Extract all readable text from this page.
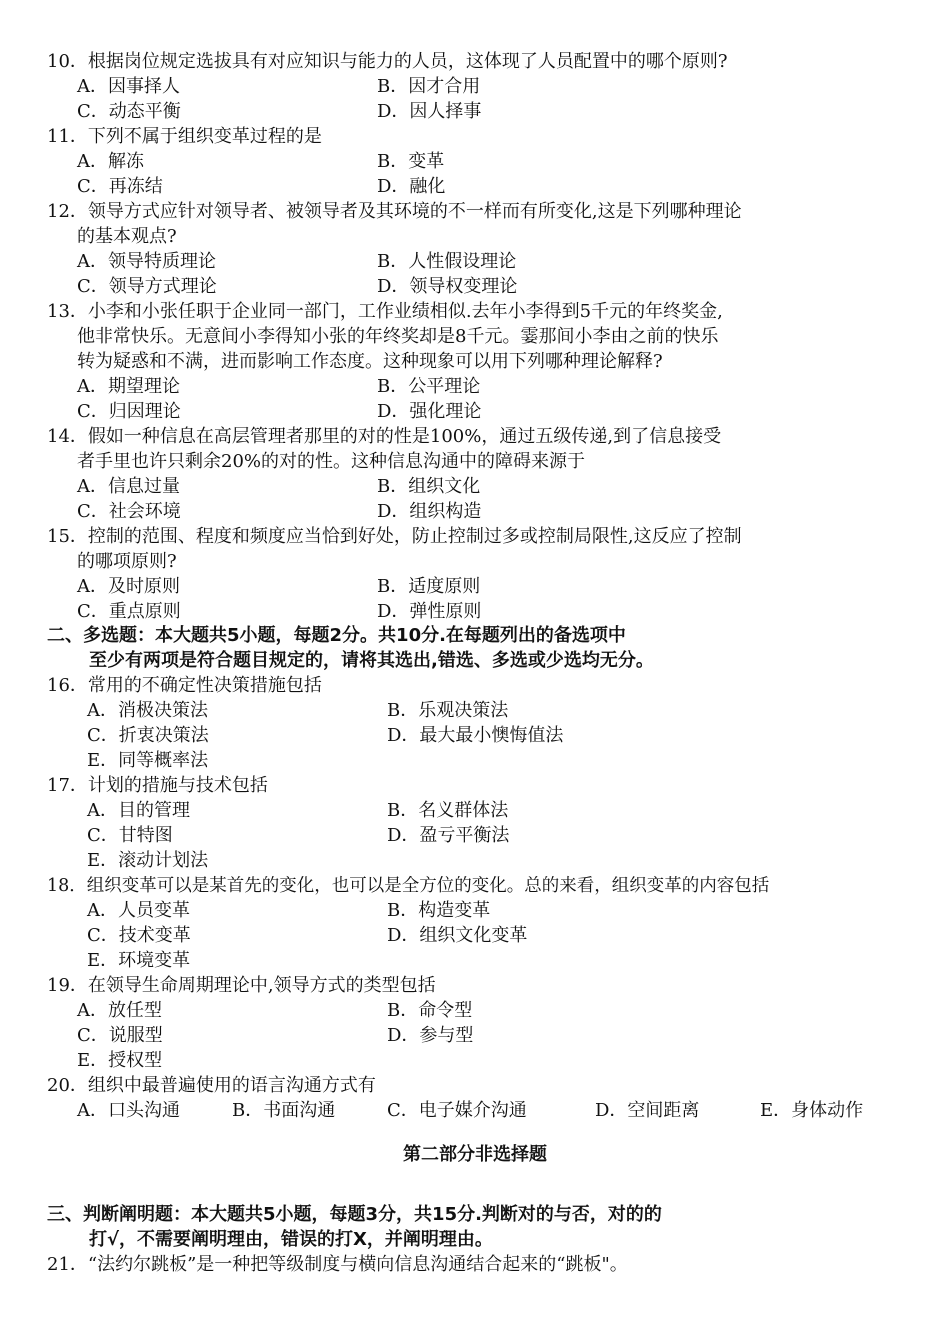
10．根据岗位规定选拔具有对应知识与能力的人员，这体现了人员配置中的哪个原则?
A．因事择人	B．因才合用
C．动态平衡	D．因人择事
11．下列不属于组织变革过程的是
A．解冻	B．变革
C．再冻结	D．融化
12．领导方式应针对领导者、被领导者及其环境的不一样而有所变化,这是下列哪种理论
的基本观点?
A．领导特质理论	B．人性假设理论
C．领导方式理论	D．领导权变理论
13．小李和小张任职于企业同一部门，工作业绩相似.去年小李得到5千元的年终奖金,
他非常快乐。无意间小李得知小张的年终奖却是8千元。霎那间小李由之前的快乐
转为疑惑和不满，进而影响工作态度。这种现象可以用下列哪种理论解释?
A．期望理论	B．公平理论
C．归因理论	D．强化理论
14．假如一种信息在高层管理者那里的对的性是100%，通过五级传递,到了信息接受
者手里也许只剩余20%的对的性。这种信息沟通中的障碍来源于
A．信息过量	B．组织文化
C．社会环境	D．组织构造
15．控制的范围、程度和频度应当恰到好处，防止控制过多或控制局限性,这反应了控制
的哪项原则?
A．及时原则	B．适度原则
C．重点原则	D．弹性原则
二、多选题：本大题共5小题，每题2分。共10分.在每题列出的备选项中
至少有两项是符合题目规定的，请将其选出,错选、多选或少选均无分。
16．常用的不确定性决策措施包括
A．消极决策法	B．乐观决策法
C．折衷决策法	D．最大最小懊悔值法
E．同等概率法
17．计划的措施与技术包括
A．目的管理	B．名义群体法
C．甘特图	D．盈亏平衡法
E．滚动计划法
18．组织变革可以是某首先的变化，也可以是全方位的变化。总的来看，组织变革的内容包括
A．人员变革	B．构造变革
C．技术变革	D．组织文化变革
E．环境变革
19．在领导生命周期理论中,领导方式的类型包括
A．放任型	B．命令型
C．说服型	D．参与型
E．授权型
20．组织中最普遍使用的语言沟通方式有
A．口头沟通	B．书面沟通	C．电子媒介沟通	D．空间距离	E．身体动作
第二部分非选择题
三、判断阐明题：本大题共5小题，每题3分，共15分.判断对的与否，对的的
打√，不需要阐明理由，错误的打X，并阐明理由。
21．“法约尔跳板”是一种把等级制度与横向信息沟通结合起来的“跳板"。
